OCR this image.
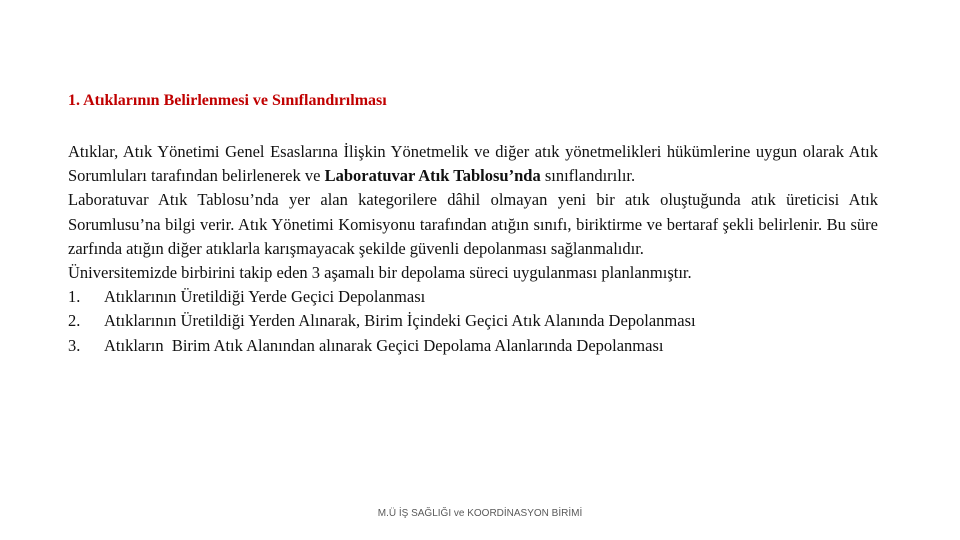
1. Atıklarının Belirlenmesi ve Sınıflandırılması

Atıklar, Atık Yönetimi Genel Esaslarına İlişkin Yönetmelik ve diğer atık yönetmelikleri hükümlerine uygun olarak Atık Sorumluları tarafından belirlenerek ve Laboratuvar Atık Tablosu’nda sınıflandırılır.

Laboratuvar Atık Tablosu’nda yer alan kategorilere dâhil olmayan yeni bir atık oluştuğunda atık üreticisi Atık Sorumlusu’na bilgi verir. Atık Yönetimi Komisyonu tarafından atığın sınıfı, biriktirme ve bertaraf şekli belirlenir. Bu süre zarfında atığın diğer atıklarla karışmayacak şekilde güvenli depolanması sağlanmalıdır.

Üniversitemizde birbirini takip eden 3 aşamalı bir depolama süreci uygulanması planlanmıştır.

1.	Atıklarının Üretildiği Yerde Geçici Depolanması
2.	Atıklarının Üretildiği Yerden Alınarak, Birim İçindeki Geçici Atık Alanında Depolanması
3.	Atıkların  Birim Atık Alanından alınarak Geçici Depolama Alanlarında Depolanması
M.Ü İŞ SAĞLIĞI ve KOORDİNASYON BİRİMİ
